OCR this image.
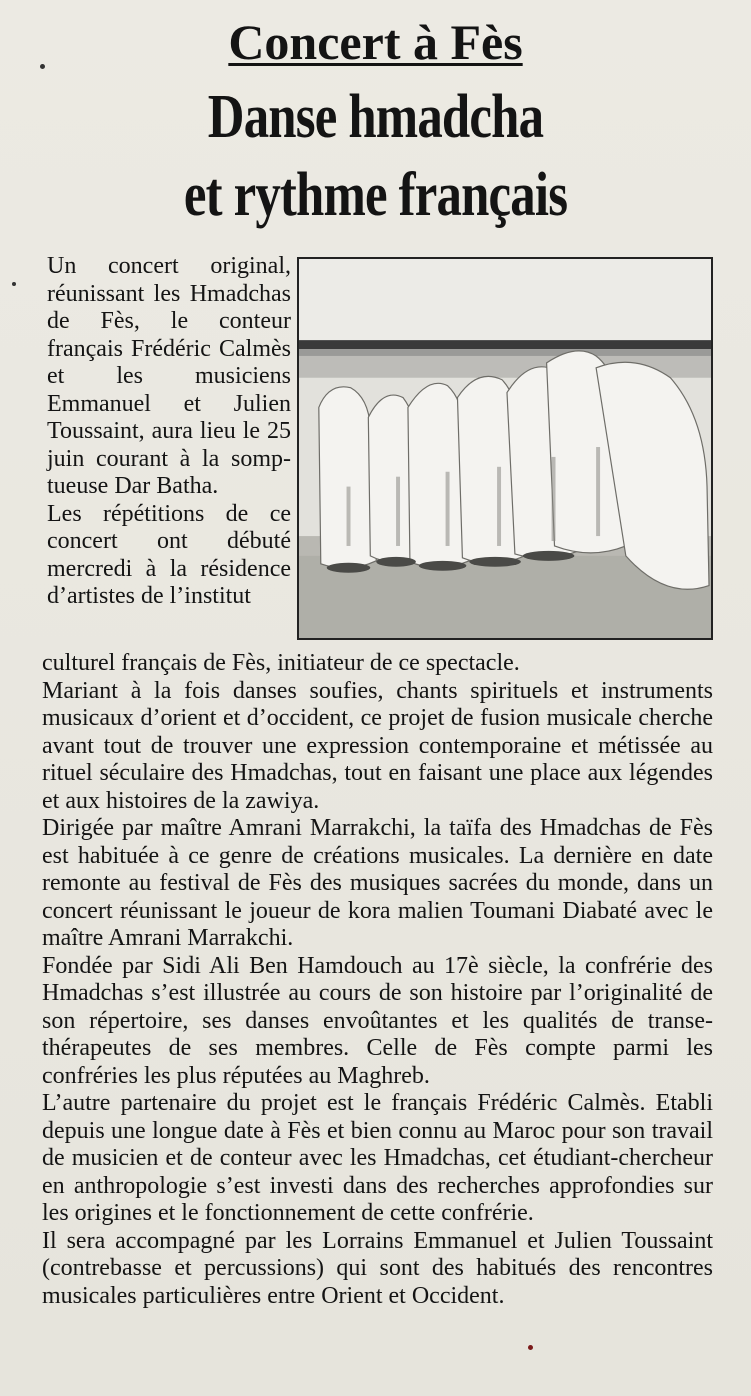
Concert à Fès
Danse hmadcha
et rythme français

Un concert original, réunissant les Hmadchas de Fès, le conteur français Frédéric Calmès et les musiciens Emmanuel et Julien Toussaint, aura lieu le 25 juin courant à la somptueuse Dar Batha.

Les répétitions de ce concert ont débuté mercredi à la résidence d’artistes de l’institut

culturel français de Fès, initiateur de ce spectacle.

Mariant à la fois danses soufies, chants spirituels et instruments musicaux d’orient et d’occident, ce projet de fusion musicale cherche avant tout de trouver une expression contemporaine et métissée au rituel séculaire des Hmadchas, tout en faisant une place aux légendes et aux histoires de la zawiya.

Dirigée par maître Amrani Marrakchi, la taïfa des Hmadchas de Fès est habituée à ce genre de créations musicales. La dernière en date remonte au festival de Fès des musiques sacrées du monde, dans un concert réunissant le joueur de kora malien Toumani Diabaté avec le maître Amrani Marrakchi.

Fondée par Sidi Ali Ben Hamdouch au 17è siècle, la confrérie des Hmadchas s’est illustrée au cours de son histoire par l’originalité de son répertoire, ses danses envoûtantes et les qualités de transe-thérapeutes de ses membres. Celle de Fès compte parmi les confréries les plus réputées au Maghreb.

L’autre partenaire du projet est le français Frédéric Calmès. Etabli depuis une longue date à Fès et bien connu au Maroc pour son travail de musicien et de conteur avec les Hmadchas, cet étudiant-chercheur en anthropologie s’est investi dans des recherches approfondies sur les origines et le fonctionnement de cette confrérie.

Il sera accompagné par les Lorrains Emmanuel et Julien Toussaint (contrebasse et percussions) qui sont des habitués des rencontres musicales particulières entre Orient et Occident.
